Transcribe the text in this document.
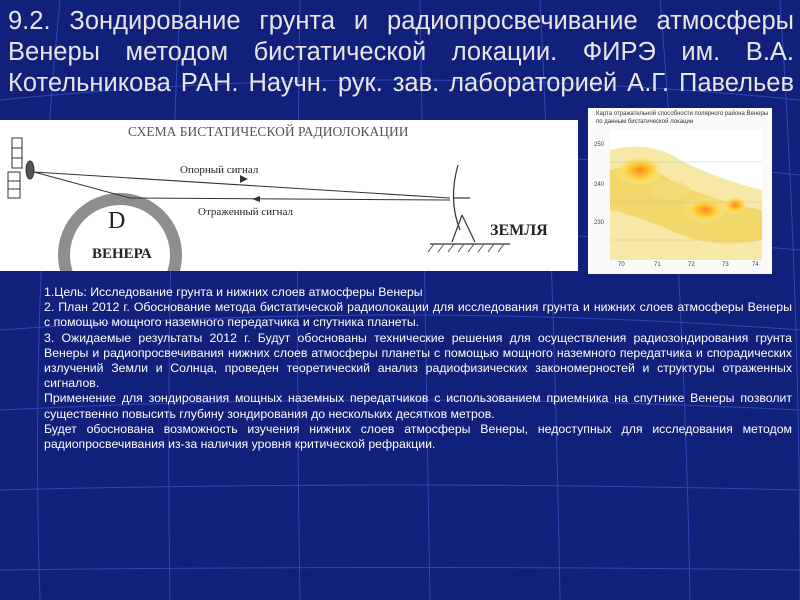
9.2. Зондирование грунта и радиопросвечивание атмосферы
Венеры методом бистатической локации. ФИРЭ им. В.А.
Котельникова РАН. Научн. рук. зав. лабораторией А.Г. Павельев
СХЕМА БИСТАТИЧЕСКОЙ РАДИОЛОКАЦИИ
Опорный сигнал
Отраженный сигнал
D
ВЕНЕРА
ЗЕМЛЯ
Карта отражательной способности полярного района Венеры по данным бистатической локации
250
240
230
70	71	72	73	74

1.Цель: Исследование грунта и нижних слоев атмосферы Венеры

2. План 2012 г. Обоснование метода бистатической радиолокации для исследования грунта и нижних слоев атмосферы Венеры с помощью мощного наземного передатчика и спутника планеты.

3. Ожидаемые результаты 2012 г. Будут обоснованы технические решения для осуществления радиозондирования грунта Венеры и радиопросвечивания нижних слоев атмосферы планеты с помощью мощного наземного передатчика и спорадических излучений Земли и Солнца, проведен теоретический анализ радиофизических закономерностей и структуры отраженных сигналов.

Применение для зондирования мощных наземных передатчиков с использованием приемника на спутнике Венеры позволит существенно повысить глубину зондирования до нескольких десятков метров.

Будет обоснована возможность изучения нижних слоев атмосферы Венеры, недоступных для исследования методом радиопросвечивания из-за наличия уровня критической рефракции.
